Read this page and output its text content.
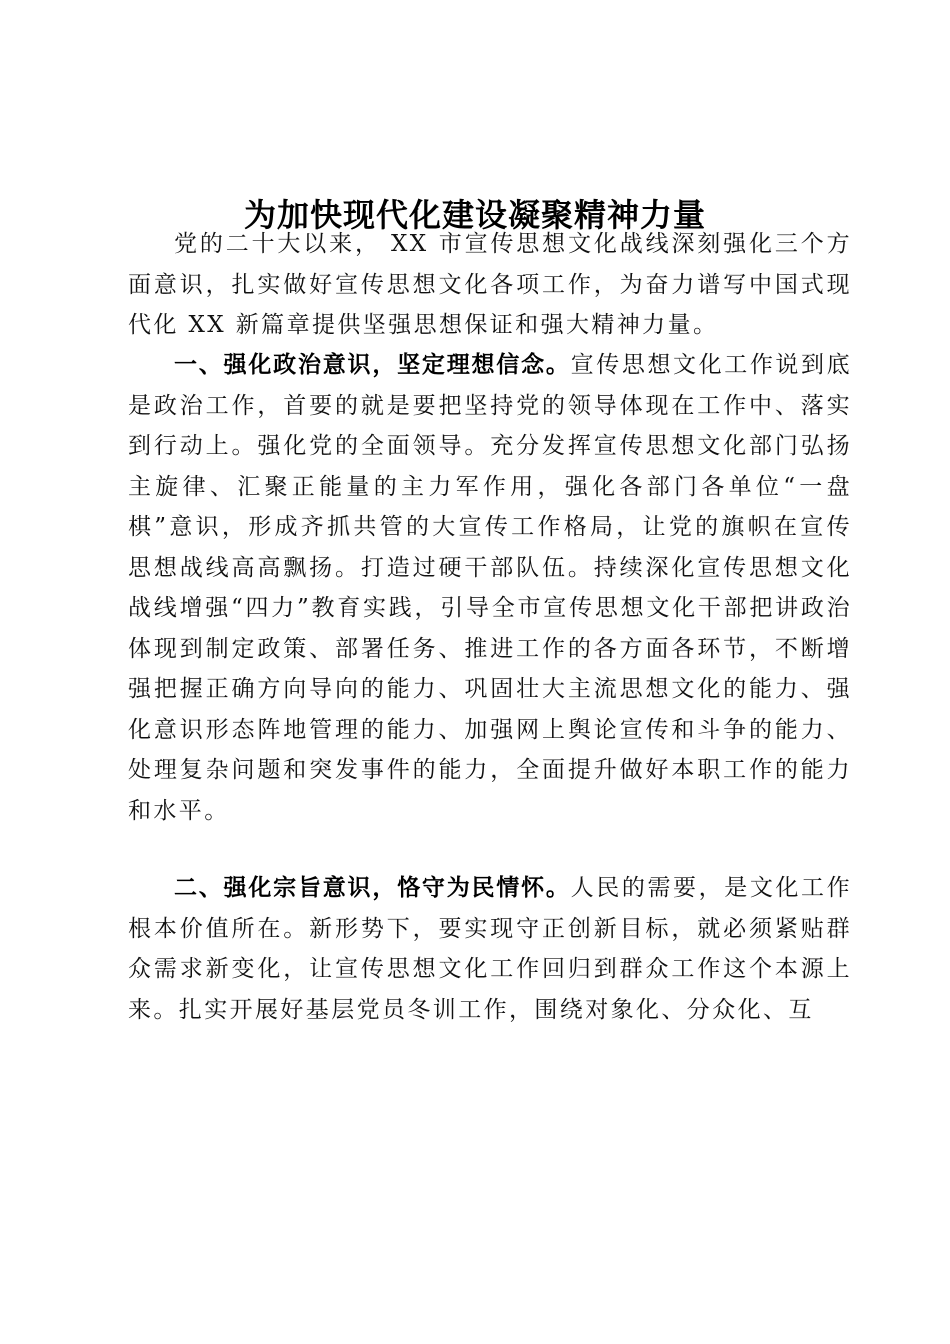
为加快现代化建设凝聚精神力量

党的二十大以来， XX 市宣传思想文化战线深刻强化三个方面意识，扎实做好宣传思想文化各项工作，为奋力谱写中国式现代化 XX 新篇章提供坚强思想保证和强大精神力量。

一、强化政治意识，坚定理想信念。宣传思想文化工作说到底是政治工作，首要的就是要把坚持党的领导体现在工作中、落实到行动上。强化党的全面领导。充分发挥宣传思想文化部门弘扬主旋律、汇聚正能量的主力军作用，强化各部门各单位“一盘棋”意识，形成齐抓共管的大宣传工作格局，让党的旗帜在宣传思想战线高高飘扬。打造过硬干部队伍。持续深化宣传思想文化战线增强“四力”教育实践，引导全市宣传思想文化干部把讲政治体现到制定政策、部署任务、推进工作的各方面各环节，不断增强把握正确方向导向的能力、巩固壮大主流思想文化的能力、强化意识形态阵地管理的能力、加强网上舆论宣传和斗争的能力、处理复杂问题和突发事件的能力，全面提升做好本职工作的能力和水平。

二、强化宗旨意识，恪守为民情怀。人民的需要，是文化工作根本价值所在。新形势下，要实现守正创新目标，就必须紧贴群众需求新变化，让宣传思想文化工作回归到群众工作这个本源上来。扎实开展好基层党员冬训工作，围绕对象化、分众化、互
